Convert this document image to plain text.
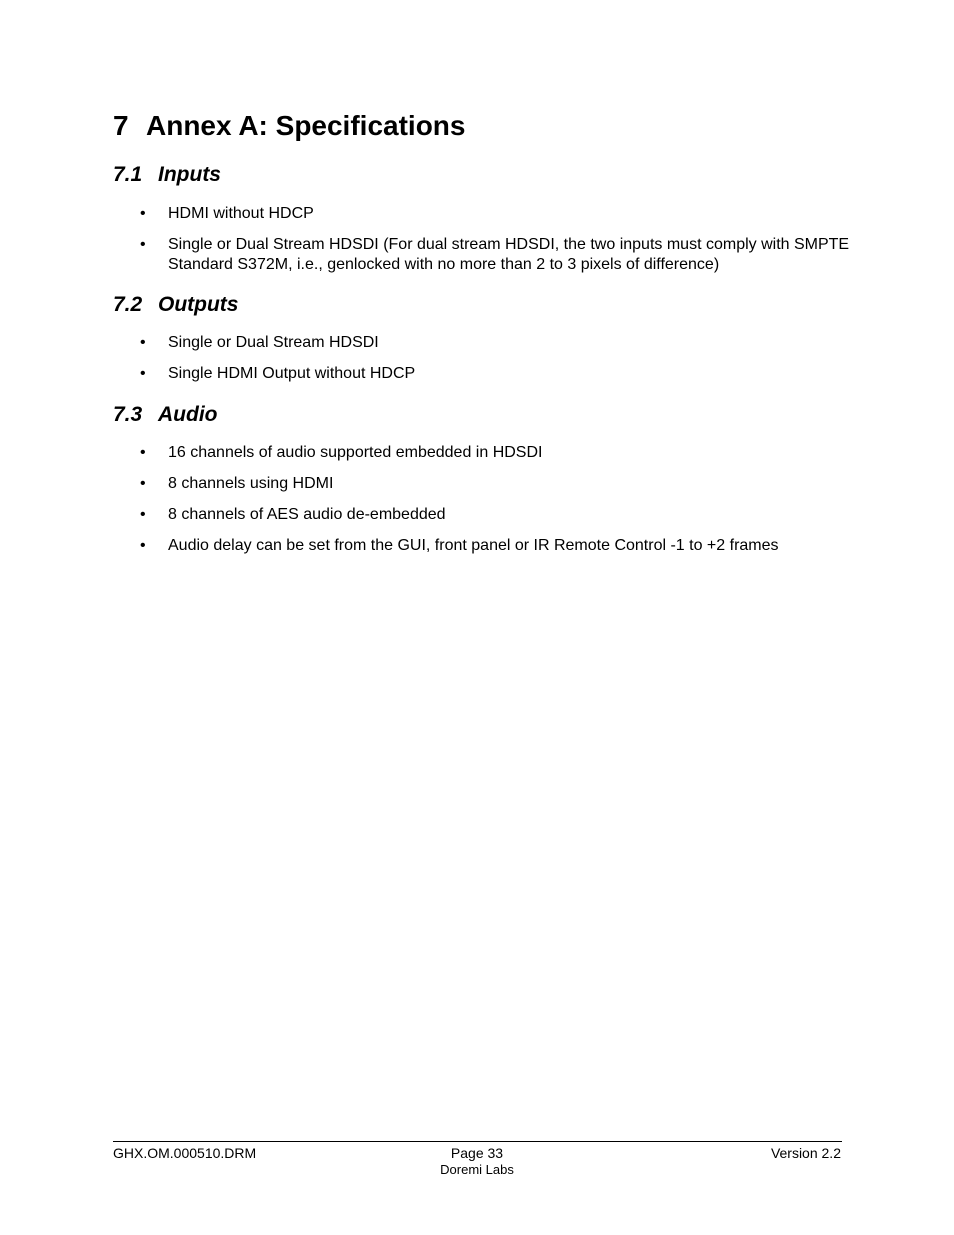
7 Annex A: Specifications
7.1 Inputs
• HDMI without HDCP
• Single or Dual Stream HDSDI (For dual stream HDSDI, the two inputs must comply with SMPTE Standard S372M, i.e., genlocked with no more than 2 to 3 pixels of difference)
7.2 Outputs
• Single or Dual Stream HDSDI
• Single HDMI Output without HDCP
7.3 Audio
• 16 channels of audio supported embedded in HDSDI
• 8 channels using HDMI
• 8 channels of AES audio de-embedded
• Audio delay can be set from the GUI, front panel or IR Remote Control -1 to +2 frames
GHX.OM.000510.DRM	Page 33
Doremi Labs
Version 2.2
